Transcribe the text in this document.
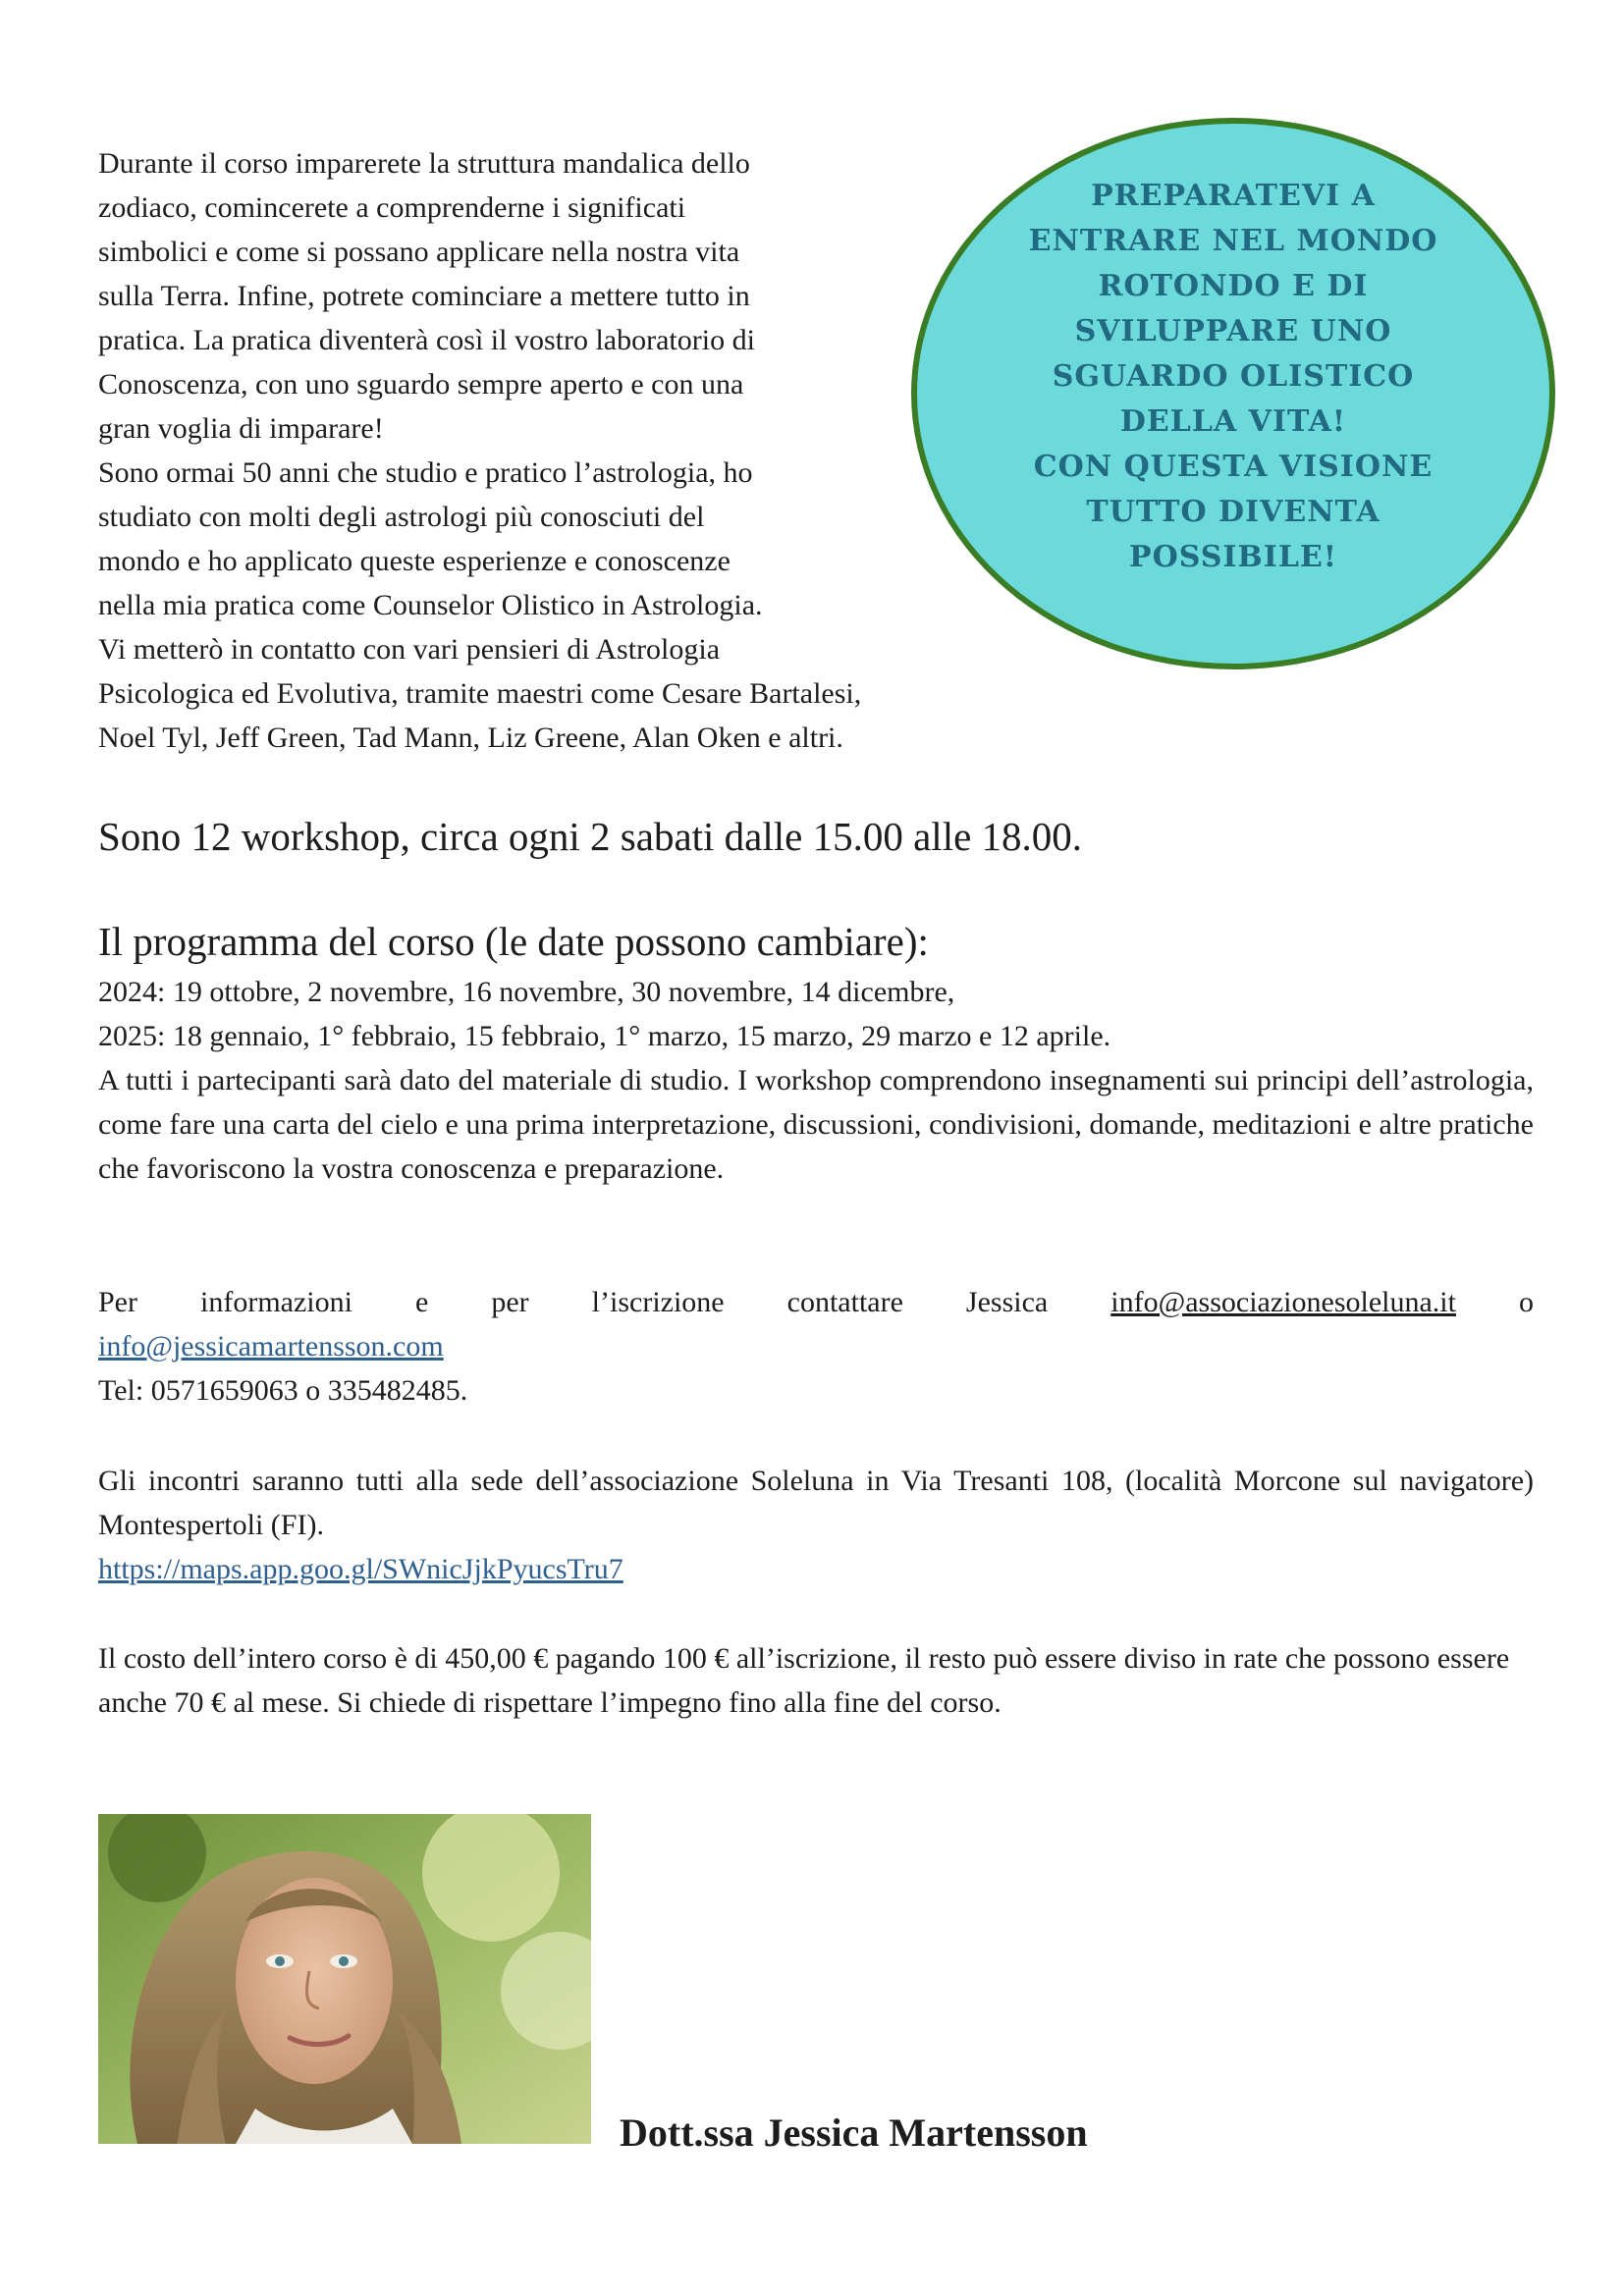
Durante il corso imparerete la struttura mandalica dello

zodiaco, comincerete a comprenderne i significati

simbolici e come si possano applicare nella nostra vita

sulla Terra. Infine, potrete cominciare a mettere tutto in

pratica. La pratica diventerà così il vostro laboratorio di

Conoscenza, con uno sguardo sempre aperto e con una

gran voglia di imparare!

Sono ormai 50 anni che studio e pratico l’astrologia, ho

studiato con molti degli astrologi più conosciuti del

mondo e ho applicato queste esperienze e conoscenze

nella mia pratica come Counselor Olistico in Astrologia.

Vi metterò in contatto con vari pensieri di Astrologia

Psicologica ed Evolutiva, tramite maestri come Cesare Bartalesi,

Noel Tyl, Jeff Green, Tad Mann, Liz Greene, Alan Oken e altri.

PREPARATEVI A
ENTRARE NEL MONDO
ROTONDO E DI
SVILUPPARE UNO
SGUARDO OLISTICO
DELLA VITA!
CON QUESTA VISIONE
TUTTO DIVENTA
POSSIBILE!
Sono 12 workshop, circa ogni 2 sabati dalle 15.00 alle 18.00.
Il programma del corso (le date possono cambiare):

2024: 19 ottobre, 2 novembre, 16 novembre, 30 novembre, 14 dicembre,

2025: 18 gennaio, 1° febbraio, 15 febbraio, 1° marzo, 15 marzo, 29 marzo e 12 aprile.

A tutti i partecipanti sarà dato del materiale di studio. I workshop comprendono insegnamenti sui principi dell’astrologia, come fare una carta del cielo e una prima interpretazione, discussioni, condivisioni, domande, meditazioni e altre pratiche che favoriscono la vostra conoscenza e preparazione.

Per informazioni e per l’iscrizione contattare Jessica info@associazionesoleluna.it o

info@jessicamartensson.com

Tel: 0571659063 o 335482485.

Gli incontri saranno tutti alla sede dell’associazione Soleluna in Via Tresanti 108, (località Morcone sul navigatore) Montespertoli (FI).

https://maps.app.goo.gl/SWnicJjkPyucsTru7

Il costo dell’intero corso è di 450,00 € pagando 100 € all’iscrizione, il resto può essere diviso in rate che possono essere anche 70 € al mese. Si chiede di rispettare l’impegno fino alla fine del corso.

Dott.ssa Jessica Martensson
